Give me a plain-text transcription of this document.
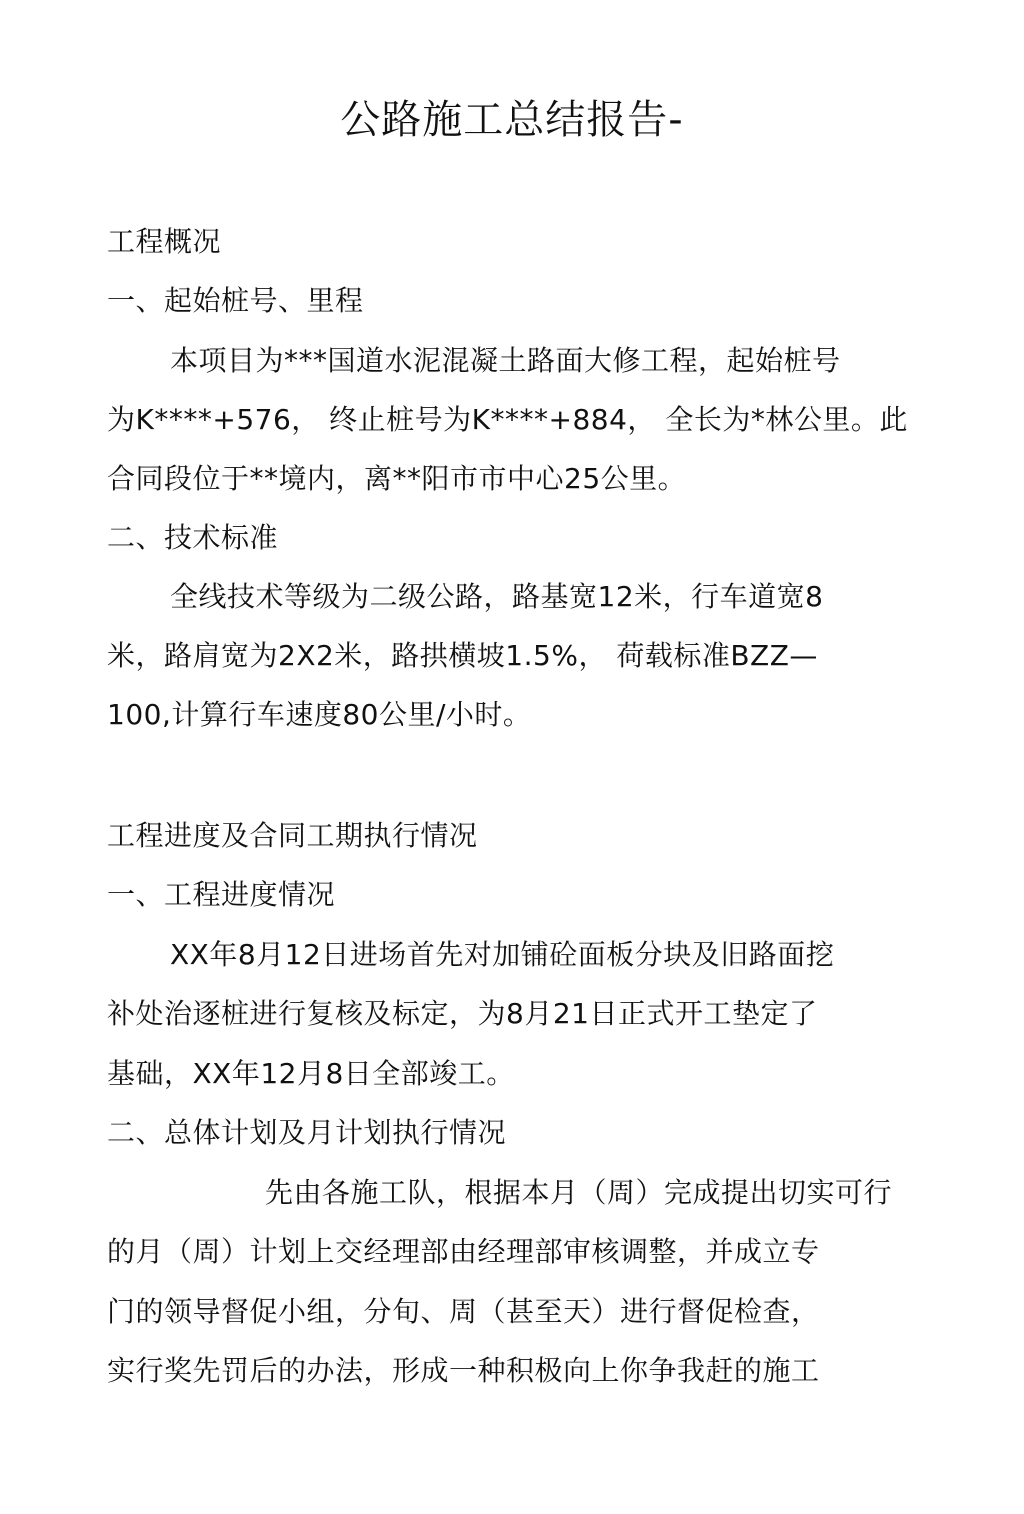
公路施工总结报告-
工程概况
一、起始桩号、里程
本项目为***国道水泥混凝土路面大修工程，起始桩号
为K****+576， 终止桩号为K****+884， 全长为*林公里。此
合同段位于**境内，离**阳市市中心25公里。
二、技术标准
全线技术等级为二级公路，路基宽12米，行车道宽8
米，路肩宽为2X2米，路拱横坡1.5%， 荷载标准BZZ—
100,计算行车速度80公里/小时。
工程进度及合同工期执行情况
一、工程进度情况
XX年8月12日进场首先对加铺砼面板分块及旧路面挖
补处治逐桩进行复核及标定，为8月21日正式开工垫定了
基础，XX年12月8日全部竣工。
二、总体计划及月计划执行情况
先由各施工队，根据本月（周）完成提出切实可行
的月（周）计划上交经理部由经理部审核调整，并成立专
门的领导督促小组，分旬、周（甚至天）进行督促检查，
实行奖先罚后的办法，形成一种积极向上你争我赶的施工
